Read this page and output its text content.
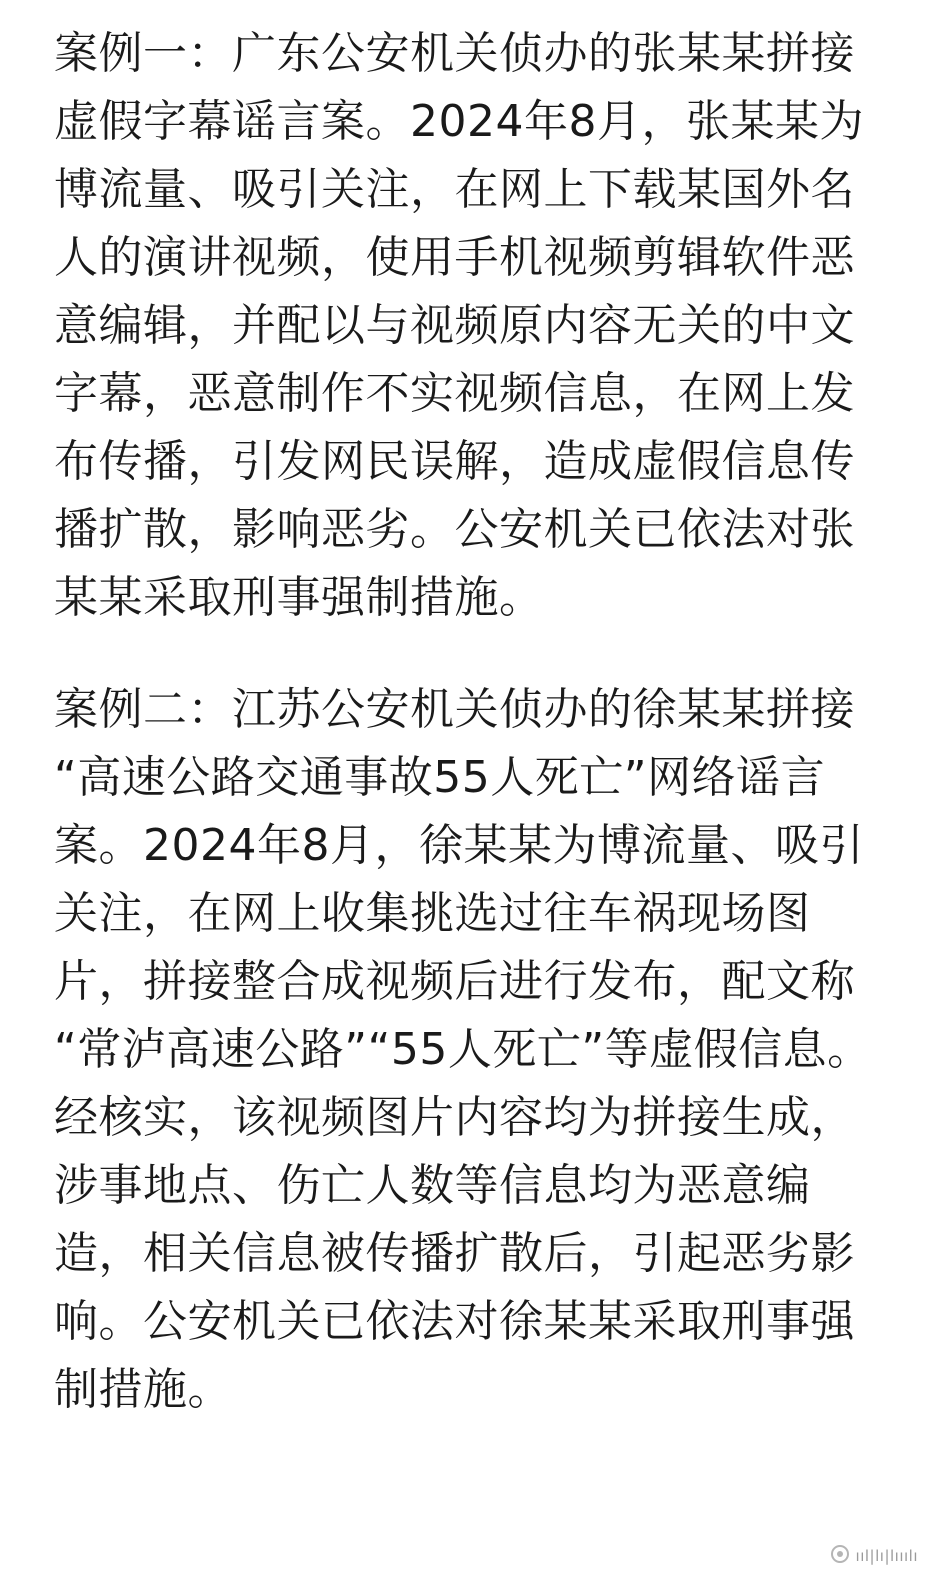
案例一：广东公安机关侦办的张某某拼接
虚假字幕谣言案。2024年8月，张某某为
博流量、吸引关注，在网上下载某国外名
人的演讲视频，使用手机视频剪辑软件恶
意编辑，并配以与视频原内容无关的中文
字幕，恶意制作不实视频信息，在网上发
布传播，引发网民误解，造成虚假信息传
播扩散，影响恶劣。公安机关已依法对张
某某采取刑事强制措施。
案例二：江苏公安机关侦办的徐某某拼接
“高速公路交通事故55人死亡”网络谣言
案。2024年8月，徐某某为博流量、吸引
关注，在网上收集挑选过往车祸现场图
片，拼接整合成视频后进行发布，配文称
“常泸高速公路”“55人死亡”等虚假信息。
经核实，该视频图片内容均为拼接生成，
涉事地点、伤亡人数等信息均为恶意编
造，相关信息被传播扩散后，引起恶劣影
响。公安机关已依法对徐某某采取刑事强
制措施。
ııl|lı|lııılı
